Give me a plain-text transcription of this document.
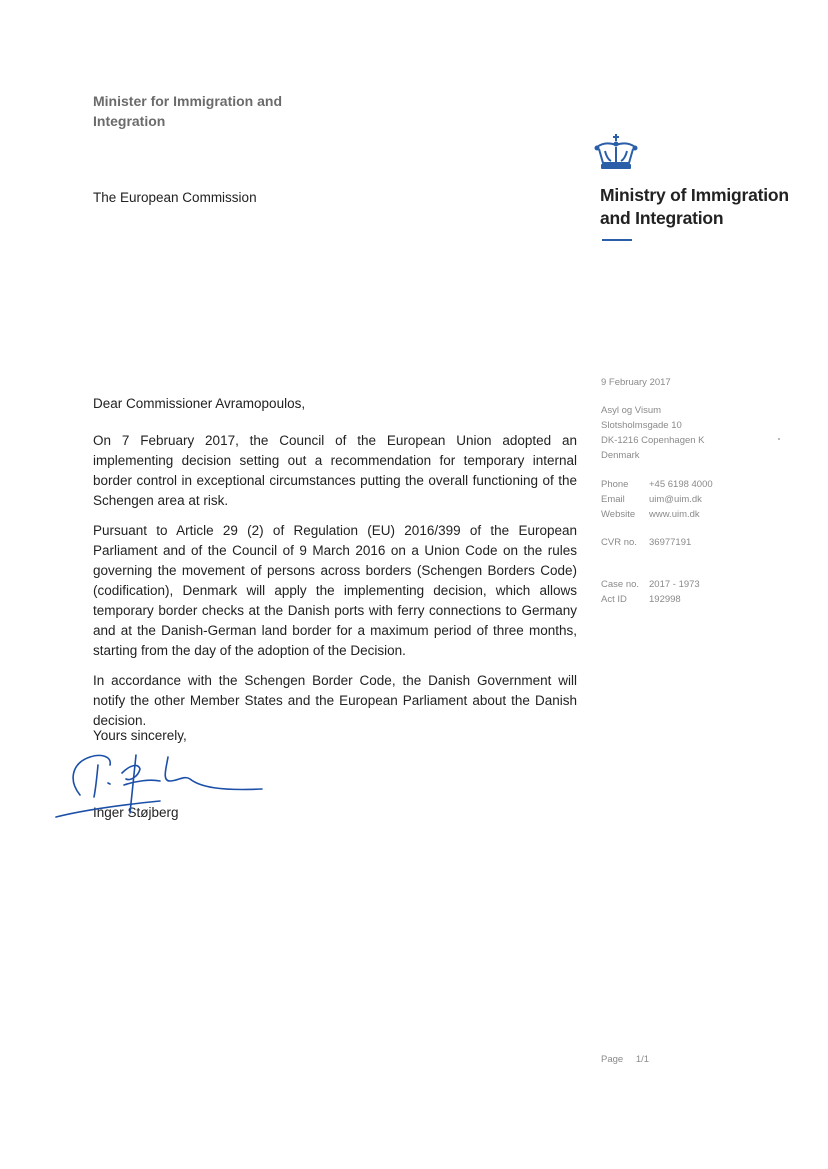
Minister for Immigration and
Integration
The European Commission	Ministry of Immigration
and Integration
9 February 2017
Asyl og Visum
Slotsholmsgade 10
DK-1216 Copenhagen K
Denmark
Phone	+45 6198 4000
Email	uim@uim.dk
Website	www.uim.dk
CVR no.	36977191
Case no.	2017 - 1973
Act ID	192998
Dear Commissioner Avramopoulos,
On 7 February 2017, the Council of the European Union adopted an implementing decision setting out a recommendation for temporary internal border control in exceptional circumstances putting the overall functioning of the Schengen area at risk.
Pursuant to Article 29 (2) of Regulation (EU) 2016/399 of the European Parliament and of the Council of 9 March 2016 on a Union Code on the rules governing the movement of persons across borders (Schengen Borders Code) (codification), Denmark will apply the implementing decision, which allows temporary border checks at the Danish ports with ferry connections to Germany and at the Danish-German land border for a maximum period of three months, starting from the day of the adoption of the Decision.
In accordance with the Schengen Border Code, the Danish Government will notify the other Member States and the European Parliament about the Danish decision.
Yours sincerely,
Inger Støjberg
Page 1/1
